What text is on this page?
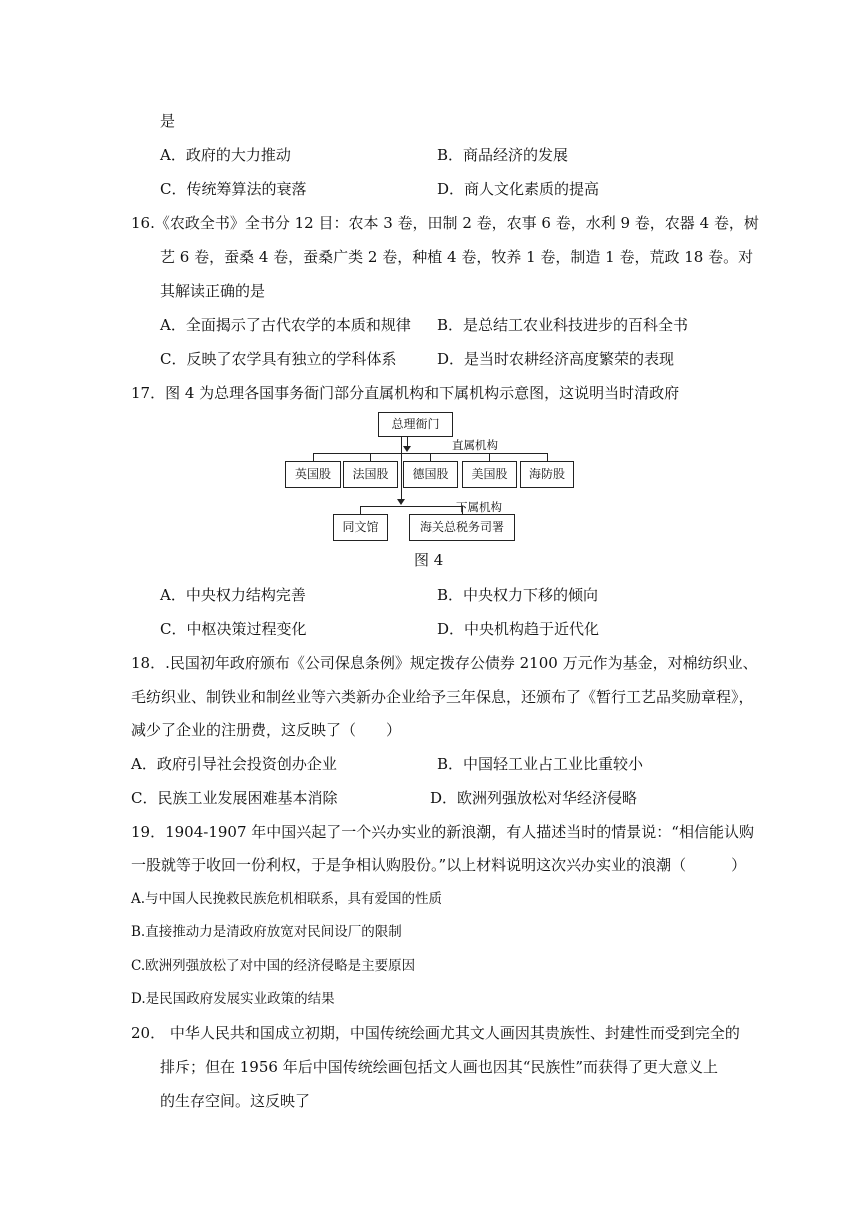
是
A．政府的大力推动	B．商品经济的发展
C．传统筹算法的衰落	D．商人文化素质的提高
16.《农政全书》全书分 12 目：农本 3 卷，田制 2 卷，农事 6 卷，水利 9 卷，农器 4 卷，树
艺 6 卷，蚕桑 4 卷，蚕桑广类 2 卷，种植 4 卷，牧养 1 卷，制造 1 卷，荒政 18 卷。对
其解读正确的是
A．全面揭示了古代农学的本质和规律 B．是总结工农业科技进步的百科全书
C．反映了农学具有独立的学科体系	D．是当时农耕经济高度繁荣的表现
17．图 4 为总理各国事务衙门部分直属机构和下属机构示意图，这说明当时清政府
总理衙门
直属机构
英国股	法国股	德国股	美国股	海防股
下属机构
同文馆	海关总税务司署
图 4
A．中央权力结构完善	B．中央权力下移的倾向
C．中枢决策过程变化	D．中央机构趋于近代化
18．.民国初年政府颁布《公司保息条例》规定拨存公债券 2100 万元作为基金，对棉纺织业、
毛纺织业、制铁业和制丝业等六类新办企业给予三年保息，还颁布了《暂行工艺品奖励章程》，
减少了企业的注册费，这反映了（　　）
A．政府引导社会投资创办企业	B．中国轻工业占工业比重较小
C．民族工业发展困难基本消除	D．欧洲列强放松对华经济侵略
19．1904-1907 年中国兴起了一个兴办实业的新浪潮，有人描述当时的情景说：“相信能认购
一股就等于收回一份利权，于是争相认购股份。”以上材料说明这次兴办实业的浪潮（　　　）
A.与中国人民挽救民族危机相联系，具有爱国的性质
B.直接推动力是清政府放宽对民间设厂的限制
C.欧洲列强放松了对中国的经济侵略是主要原因
D.是民国政府发展实业政策的结果
20． 中华人民共和国成立初期，中国传统绘画尤其文人画因其贵族性、封建性而受到完全的
排斥；但在 1956 年后中国传统绘画包括文人画也因其“民族性”而获得了更大意义上
的生存空间。这反映了
